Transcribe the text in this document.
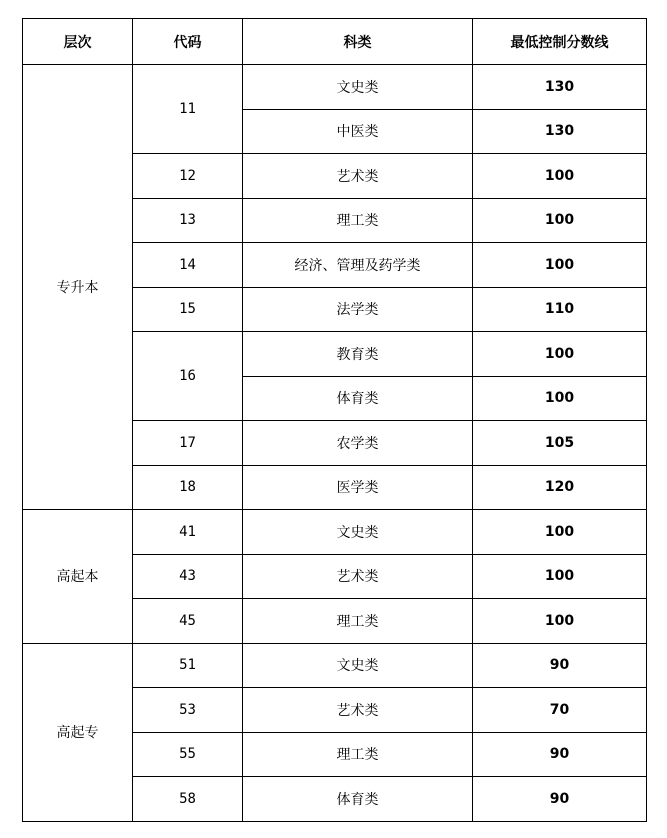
层次	代码	科类	最低控制分数线
专升本	11	文史类	130
		中医类	130
	12	艺术类	100
	13	理工类	100
	14	经济、管理及药学类	100
	15	法学类	110
	16	教育类	100
		体育类	100
	17	农学类	105
	18	医学类	120
高起本	41	文史类	100
	43	艺术类	100
	45	理工类	100
高起专	51	文史类	90
	53	艺术类	70
	55	理工类	90
	58	体育类	90
